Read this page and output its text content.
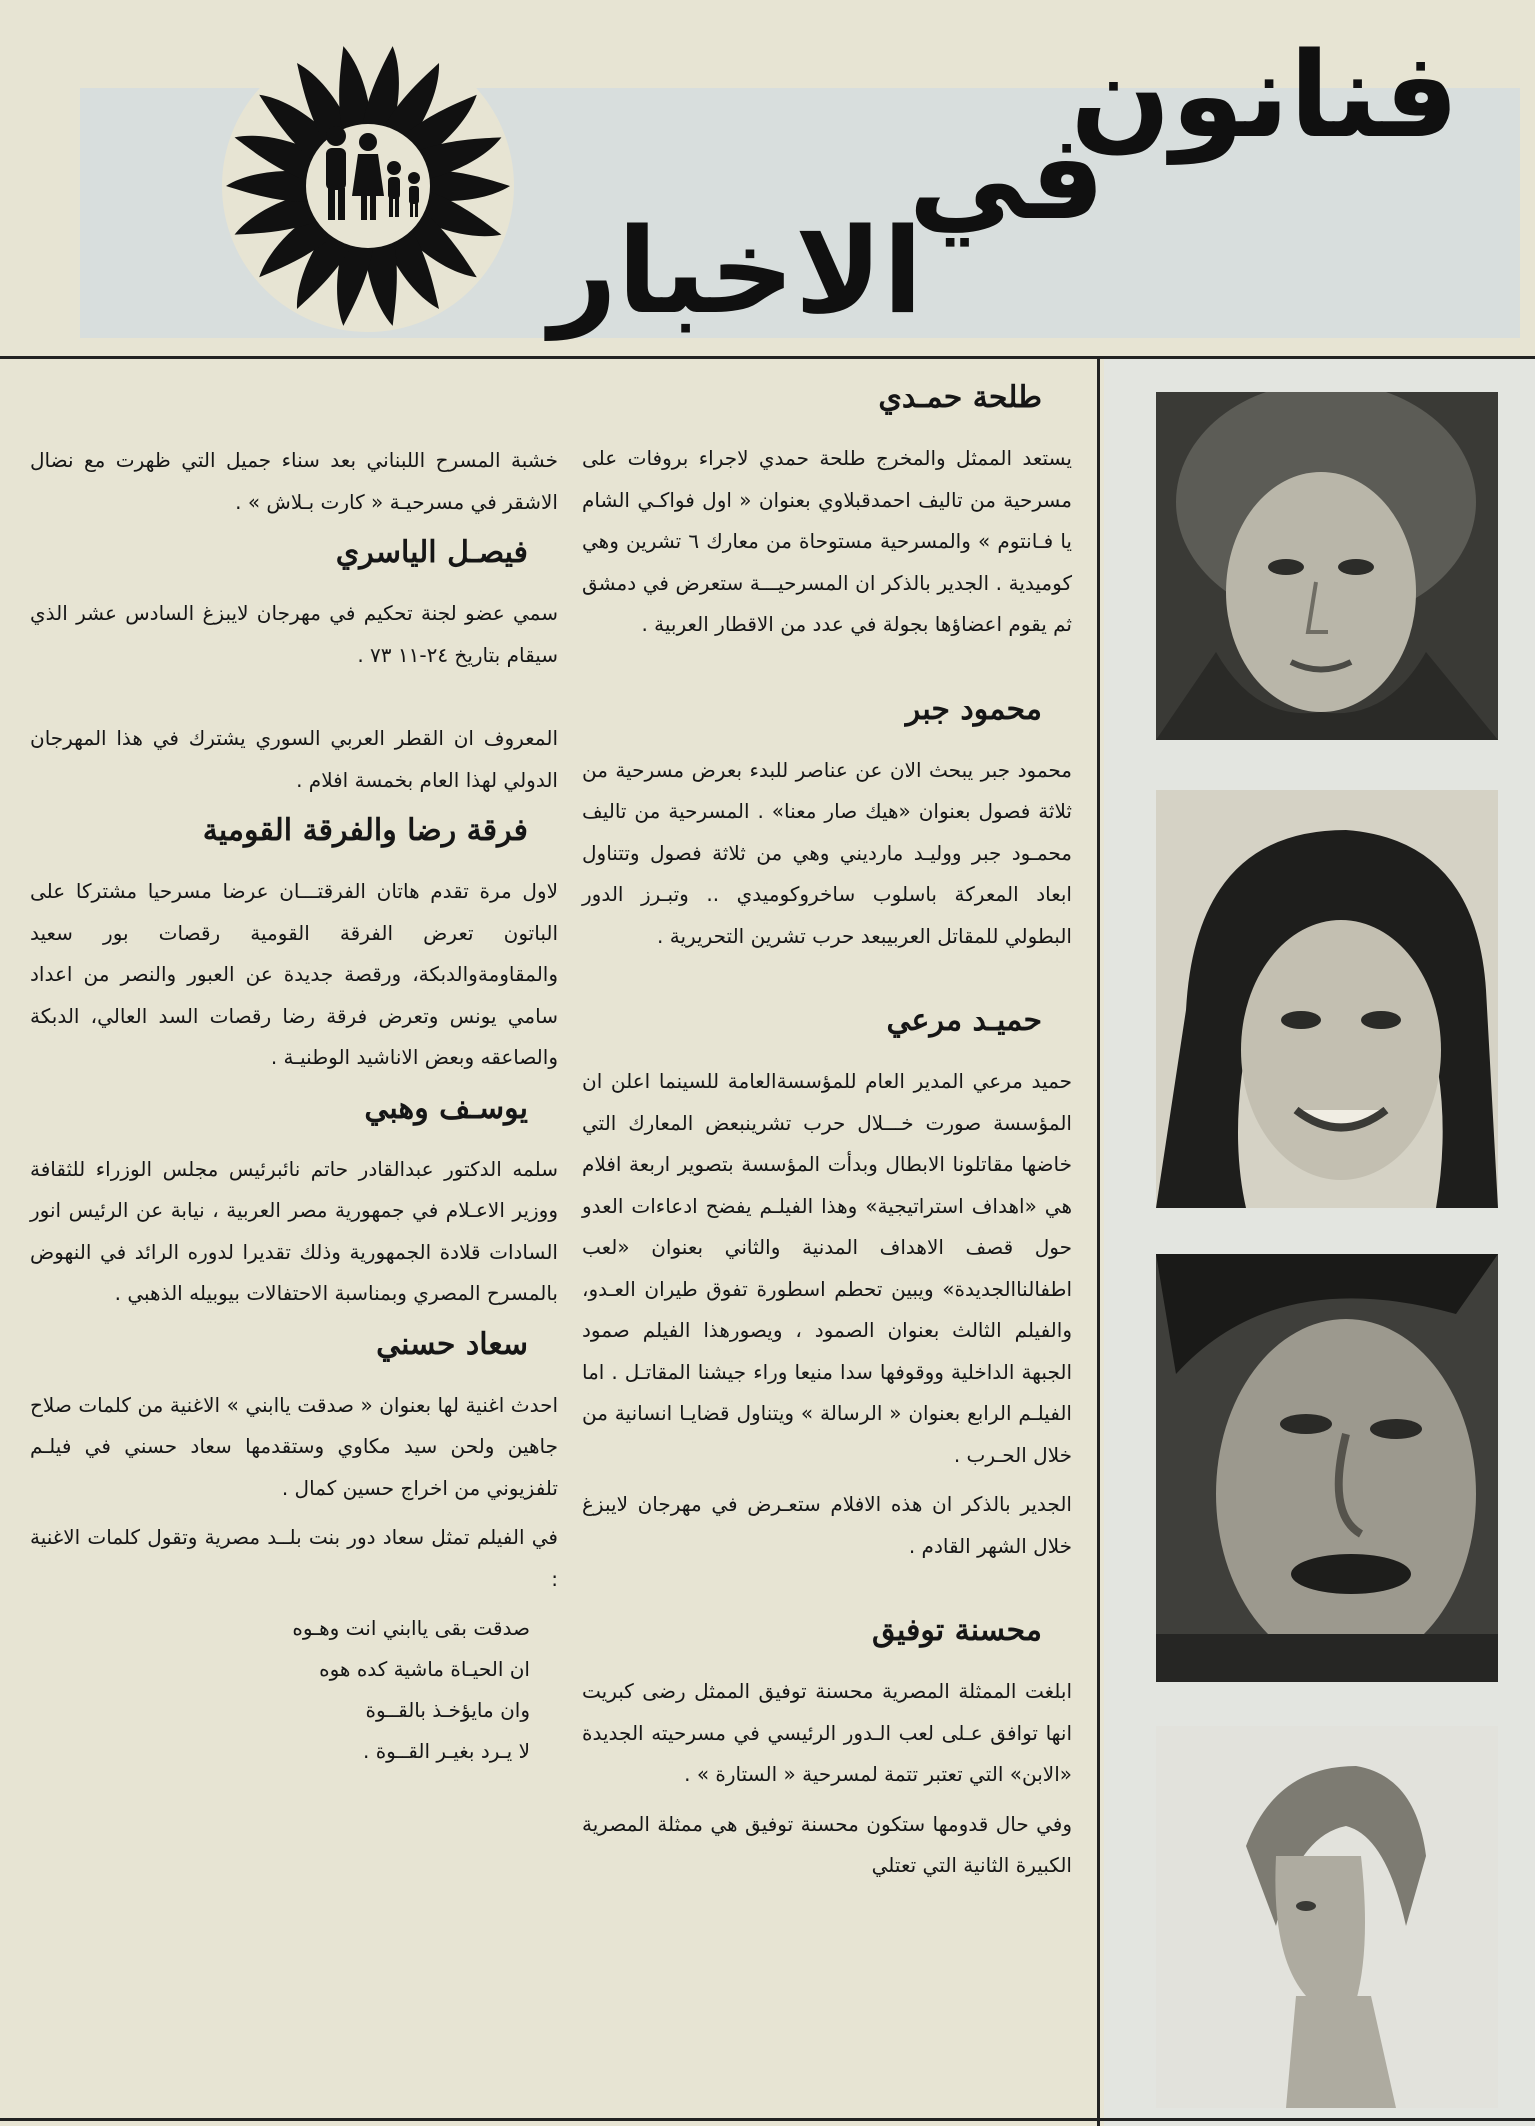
فنانون
في
الاخبار
طلحة حمـدي

يستعد الممثل والمخرج طلحة حمدي لاجراء بروفات على مسرحية من تاليف احمدقبلاوي بعنوان « اول فواكـي الشام يا فـانتوم » والمسرحية مستوحاة من معارك ٦ تشرين وهي كوميدية . الجدير بالذكر ان المسرحيـــة ستعرض في دمشق ثم يقوم اعضاؤها بجولة في عدد من الاقطار العربية .

محمود جبر

محمود جبر يبحث الان عن عناصر للبدء بعرض مسرحية من ثلاثة فصول بعنوان «هيك صار معنا» . المسرحية من تاليف محمـود جبر ووليـد مارديني وهي من ثلاثة فصول وتتناول ابعاد المعركة باسلوب ساخروكوميدي .. وتبـرز الدور البطولي للمقاتل العربيبعد حرب تشرين التحريرية .

حميـد مرعي

حميد مرعي المدير العام للمؤسسةالعامة للسينما اعلن ان المؤسسة صورت خـــلال حرب تشرينبعض المعارك التي خاضها مقاتلونا الابطال وبدأت المؤسسة بتصوير اربعة افلام هي «اهداف استراتيجية» وهذا الفيلـم يفضح ادعاءات العدو حول قصف الاهداف المدنية والثاني بعنوان «لعب اطفالناالجديدة» ويبين تحطم اسطورة تفوق طيران العـدو، والفيلم الثالث بعنوان الصمود ، ويصورهذا الفيلم صمود الجبهة الداخلية ووقوفها سدا منيعا وراء جيشنا المقاتـل . اما الفيلـم الرابع بعنوان « الرسالة » ويتناول قضايـا انسانية من خلال الحـرب .

الجدير بالذكر ان هذه الافلام ستعـرض في مهرجان لايبزغ خلال الشهر القادم .

محسنة توفيق

ابلغت الممثلة المصرية محسنة توفيق الممثل رضى كبريت انها توافق عـلى لعب الـدور الرئيسي في مسرحيته الجديدة «الابن» التي تعتبر تتمة لمسرحية « الستارة » .

وفي حال قدومها ستكون محسنة توفيق هي ممثلة المصرية الكبيرة الثانية التي تعتلي

خشبة المسرح اللبناني بعد سناء جميل التي ظهرت مع نضال الاشقر في مسرحيـة « كارت بـلاش » .

فيصـل الياسري

سمي عضو لجنة تحكيم في مهرجان لايبزغ السادس عشر الذي سيقام بتاريخ ٢٤-١١ ٧٣ .

المعروف ان القطر العربي السوري يشترك في هذا المهرجان الدولي لهذا العام بخمسة افلام .

فرقة رضا والفرقة القومية

لاول مرة تقدم هاتان الفرقتـــان عرضا مسرحيا مشتركا على الباتون تعرض الفرقة القومية رقصات بور سعيد والمقاومةوالدبكة، ورقصة جديدة عن العبور والنصر من اعداد سامي يونس وتعرض فرقة رضا رقصات السد العالي، الدبكة والصاعقه وبعض الاناشيد الوطنيـة .

يوسـف وهبي

سلمه الدكتور عبدالقادر حاتم نائبرئيس مجلس الوزراء للثقافة ووزير الاعـلام في جمهورية مصر العربية ، نيابة عن الرئيس انور السادات قلادة الجمهورية وذلك تقديرا لدوره الرائد في النهوض بالمسرح المصري وبمناسبة الاحتفالات بيوبيله الذهبي .

سعاد حسني

احدث اغنية لها بعنوان « صدقت ياابني » الاغنية من كلمات صلاح جاهين ولحن سيد مكاوي وستقدمها سعاد حسني في فيلـم تلفزيوني من اخراج حسين كمال .

في الفيلم تمثل سعاد دور بنت بلــد مصرية وتقول كلمات الاغنية :

صدقت بقى ياابني انت وهـوه
ان الحيـاة ماشية كده هوه
وان مايؤخـذ بالقــوة
لا يـرد بغيـر القــوة .
